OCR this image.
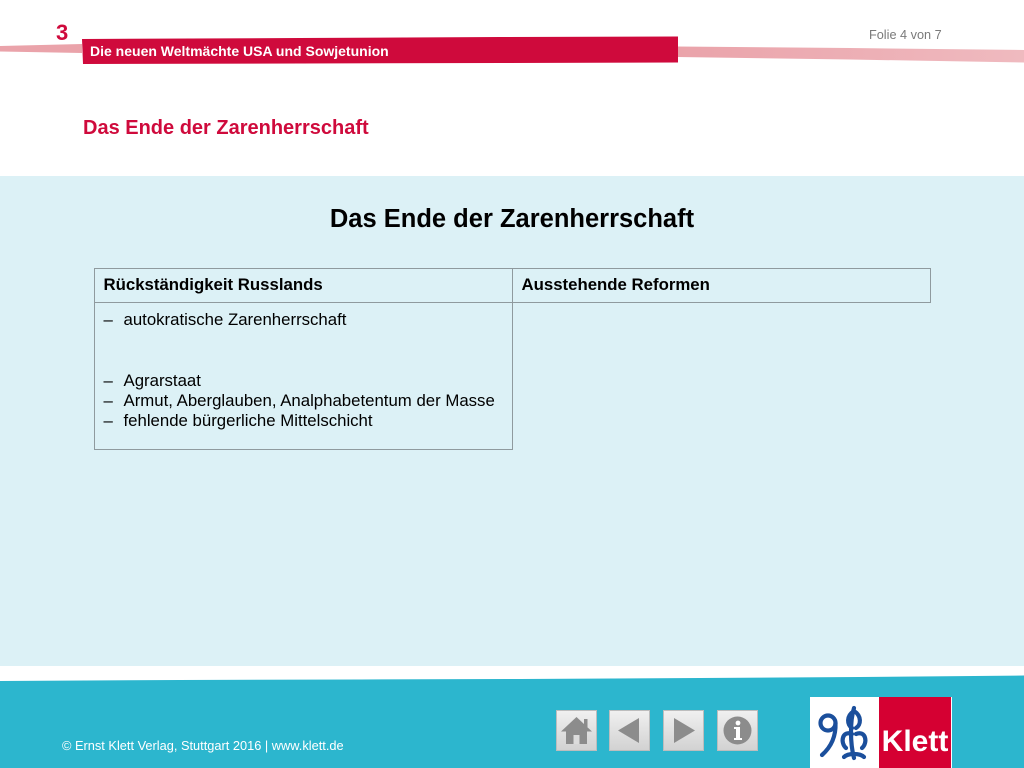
3
Die neuen Weltmächte USA und Sowjetunion
Folie 4 von 7
Das Ende der Zarenherrschaft
Das Ende der Zarenherrschaft
Rückständigkeit Russlands	Ausstehende Reformen
– autokratische Zarenherrschaft
– Agrarstaat
– Armut, Aberglauben, Analphabetentum der Masse
– fehlende bürgerliche Mittelschicht
© Ernst Klett Verlag, Stuttgart 2016 | www.klett.de	Klett
